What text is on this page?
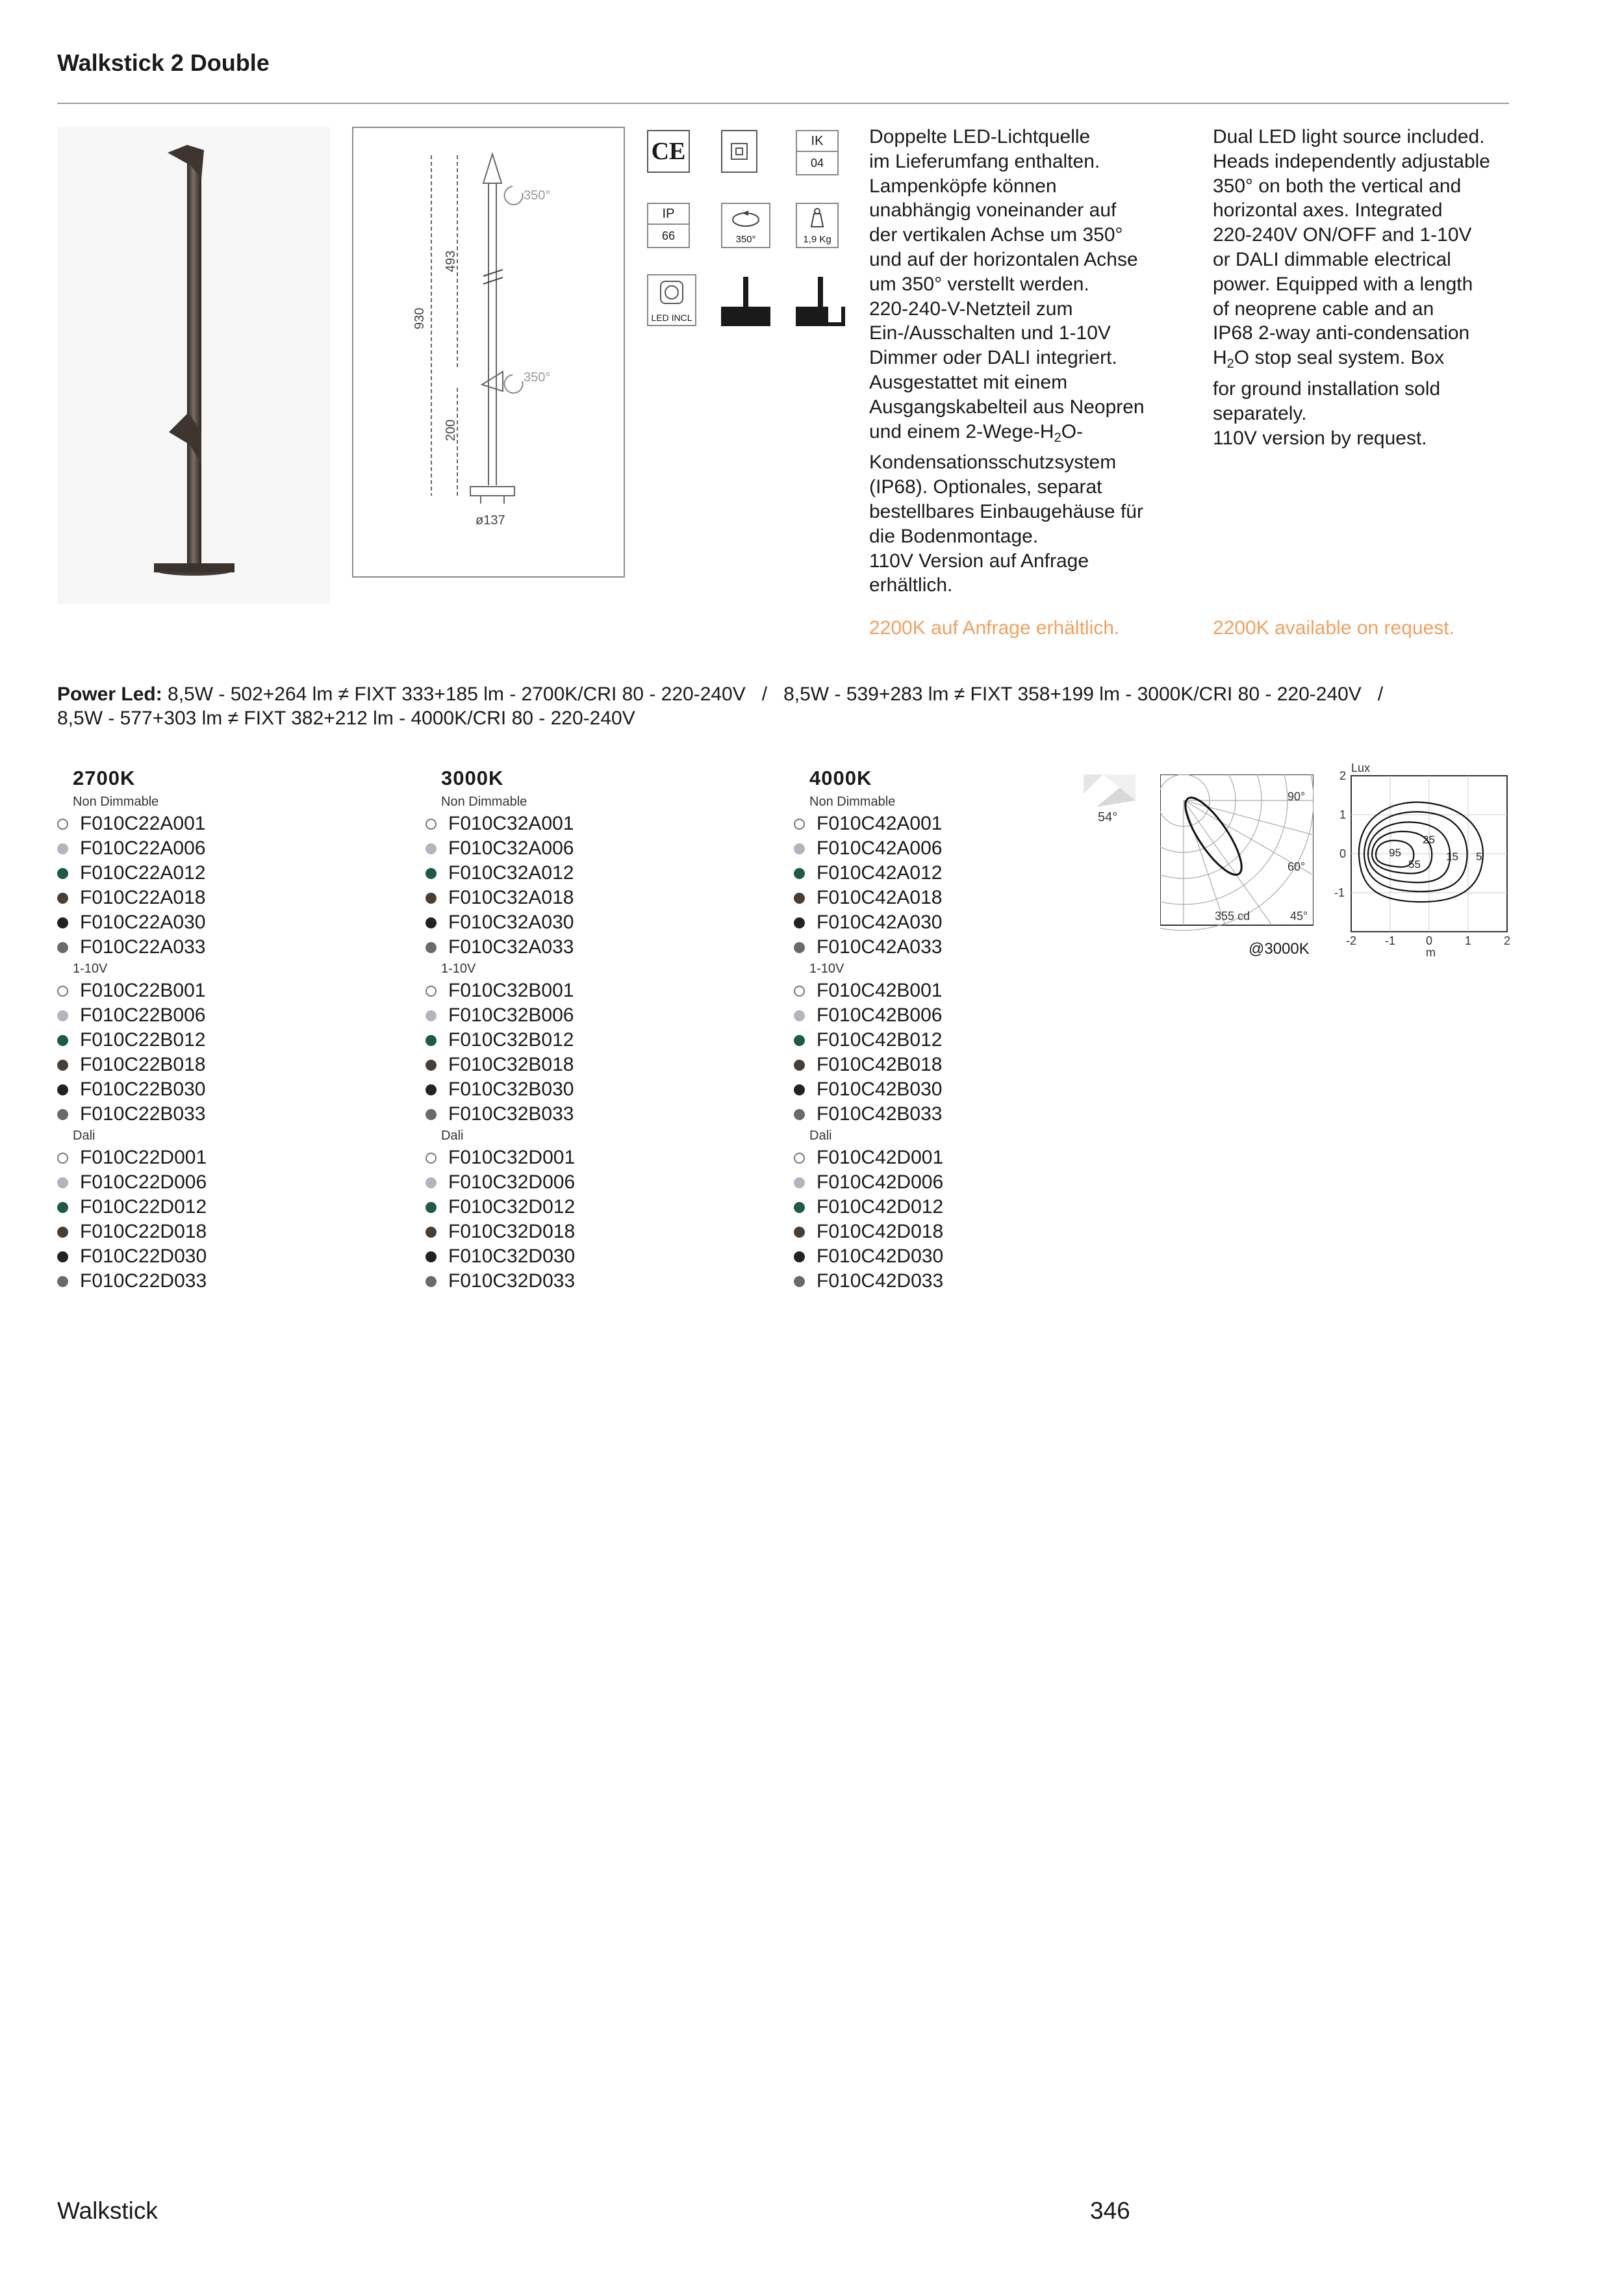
Walkstick 2 Double
930
493
200
ø137
350°
350°
CE	IK
04
IP
66	350°	1,9 Kg
LED INCL
Doppelte LED-Lichtquelle
im Lieferumfang enthalten.
Lampenköpfe können
unabhängig voneinander auf
der vertikalen Achse um 350°
und auf der horizontalen Achse
um 350° verstellt werden.
220-240-V-Netzteil zum
Ein-/Ausschalten und 1-10V
Dimmer oder DALI integriert.
Ausgestattet mit einem
Ausgangskabelteil aus Neopren
und einem $2-Wege-H_2O-$
Kondensationsschutzsystem
(IP68). Optionales, separat
bestellbares Einbaugehäuse für
die Bodenmontage.
110V Version auf Anfrage
erhältlich.
2200K auf Anfrage erhältlich.
Dual LED light source included.
Heads independently adjustable
350° on both the vertical and
horizontal axes. Integrated
220-240V ON/OFF and 1-10V
or DALI dimmable electrical
power. Equipped with a length
of neoprene cable and an
IP68 2-way anti-condensation
$H_2O$ stop seal system. Box
for ground installation sold
separately.
110V version by request.
2200K available on request.
Power Led: 8,5W - 502+264 lm ≠ FIXT 333+185 lm - 2700K/CRI 80 - 220-240V   /   8,5W - 539+283 lm ≠ FIXT 358+199 lm - 3000K/CRI 80 - 220-240V   /
8,5W - 577+303 lm ≠ FIXT 382+212 lm - 4000K/CRI 80 - 220-240V
2700K
Non Dimmable
F010C22A001
F010C22A006
F010C22A012
F010C22A018
F010C22A030
F010C22A033
1-10V
F010C22B001
F010C22B006
F010C22B012
F010C22B018
F010C22B030
F010C22B033
Dali
F010C22D001
F010C22D006
F010C22D012
F010C22D018
F010C22D030
F010C22D033
3000K
Non Dimmable
F010C32A001
F010C32A006
F010C32A012
F010C32A018
F010C32A030
F010C32A033
1-10V
F010C32B001
F010C32B006
F010C32B012
F010C32B018
F010C32B030
F010C32B033
Dali
F010C32D001
F010C32D006
F010C32D012
F010C32D018
F010C32D030
F010C32D033
4000K
Non Dimmable
F010C42A001
F010C42A006
F010C42A012
F010C42A018
F010C42A030
F010C42A033
1-10V
F010C42B001
F010C42B006
F010C42B012
F010C42B018
F010C42B030
F010C42B033
Dali
F010C42D001
F010C42D006
F010C42D012
F010C42D018
F010C42D030
F010C42D033
54°
90°
60°
45°
355 cd
@3000K
Lux
2
1
0
-1
-2 -1	0	1	2
m
95
55
25
15 5
Walkstick	346
